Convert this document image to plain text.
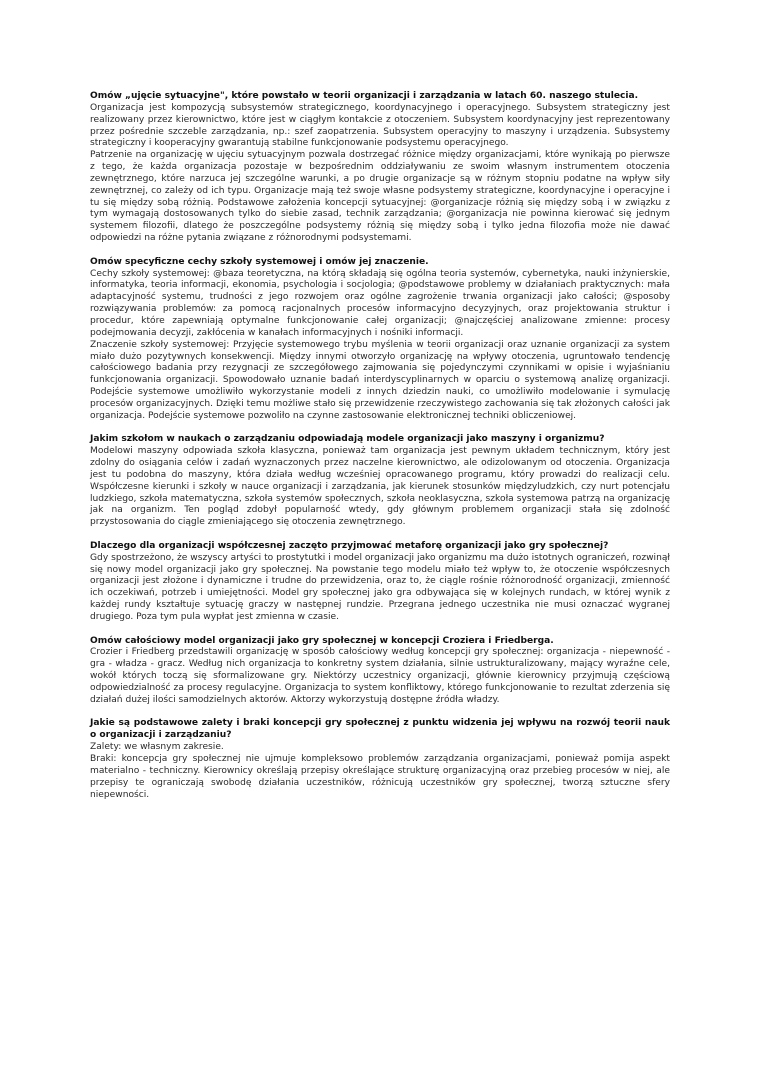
Omów „ujęcie sytuacyjne", które powstało w teorii organizacji i zarządzania w latach 60. naszego stulecia.

Organizacja jest kompozycją subsystemów strategicznego, koordynacyjnego i operacyjnego. Subsystem strategiczny jest realizowany przez kierownictwo, które jest w ciągłym kontakcie z otoczeniem. Subsystem koordynacyjny jest reprezentowany przez pośrednie szczeble zarządzania, np.: szef zaopatrzenia. Subsystem operacyjny to maszyny i urządzenia. Subsystemy strategiczny i kooperacyjny gwarantują stabilne funkcjonowanie podsystemu operacyjnego.

Patrzenie na organizację w ujęciu sytuacyjnym pozwala dostrzegać różnice między organizacjami, które wynikają po pierwsze z tego, że każda organizacja pozostaje w bezpośrednim oddziaływaniu ze swoim własnym instrumentem otoczenia zewnętrznego, które narzuca jej szczególne warunki, a po drugie organizacje są w różnym stopniu podatne na wpływ siły zewnętrznej, co zależy od ich typu. Organizacje mają też swoje własne podsystemy strategiczne, koordynacyjne i operacyjne i tu się między sobą różnią. Podstawowe założenia koncepcji sytuacyjnej: @organizacje różnią się między sobą i w związku z tym wymagają dostosowanych tylko do siebie zasad, technik zarządzania; @organizacja nie powinna kierować się jednym systemem filozofii, dlatego że poszczególne podsystemy różnią się między sobą i tylko jedna filozofia może nie dawać odpowiedzi na różne pytania związane z różnorodnymi podsystemami.

Omów specyficzne cechy szkoły systemowej i omów jej znaczenie.

Cechy szkoły systemowej: @baza teoretyczna, na którą składają się ogólna teoria systemów, cybernetyka, nauki inżynierskie, informatyka, teoria informacji, ekonomia, psychologia i socjologia; @podstawowe problemy w działaniach praktycznych: mała adaptacyjność systemu, trudności z jego rozwojem oraz ogólne zagrożenie trwania organizacji jako całości; @sposoby rozwiązywania problemów: za pomocą racjonalnych procesów informacyjno decyzyjnych, oraz projektowania struktur i procedur, które zapewniają optymalne funkcjonowanie całej organizacji; @najczęściej analizowane zmienne: procesy podejmowania decyzji, zakłócenia w kanałach informacyjnych i nośniki informacji.

Znaczenie szkoły systemowej: Przyjęcie systemowego trybu myślenia w teorii organizacji oraz uznanie organizacji za system miało dużo pozytywnych konsekwencji. Między innymi otworzyło organizację na wpływy otoczenia, ugruntowało tendencję całościowego badania przy rezygnacji ze szczegółowego zajmowania się pojedynczymi czynnikami w opisie i wyjaśnianiu funkcjonowania organizacji. Spowodowało uznanie badań interdyscyplinarnych w oparciu o systemową analizę organizacji. Podejście systemowe umożliwiło wykorzystanie modeli z innych dziedzin nauki, co umożliwiło modelowanie i symulację procesów organizacyjnych. Dzięki temu możliwe stało się przewidzenie rzeczywistego zachowania się tak złożonych całości jak organizacja. Podejście systemowe pozwoliło na czynne zastosowanie elektronicznej techniki obliczeniowej.

Jakim szkołom w naukach o zarządzaniu odpowiadają modele organizacji jako maszyny i organizmu?

Modelowi maszyny odpowiada szkoła klasyczna, ponieważ tam organizacja jest pewnym układem technicznym, który jest zdolny do osiągania celów i zadań wyznaczonych przez naczelne kierownictwo, ale odizolowanym od otoczenia. Organizacja jest tu podobna do maszyny, która działa według wcześniej opracowanego programu, który prowadzi do realizacji celu. Współczesne kierunki i szkoły w nauce organizacji i zarządzania, jak kierunek stosunków międzyludzkich, czy nurt potencjału ludzkiego, szkoła matematyczna, szkoła systemów społecznych, szkoła neoklasyczna, szkoła systemowa patrzą na organizację jak na organizm. Ten pogląd zdobył popularność wtedy, gdy głównym problemem organizacji stała się zdolność przystosowania do ciągle zmieniającego się otoczenia zewnętrznego.

Dlaczego dla organizacji współczesnej zaczęto przyjmować metaforę organizacji jako gry społecznej?

Gdy spostrzeżono, że wszyscy artyści to prostytutki i model organizacji jako organizmu ma dużo istotnych ograniczeń, rozwinął się nowy model organizacji jako gry społecznej. Na powstanie tego modelu miało też wpływ to, że otoczenie współczesnych organizacji jest złożone i dynamiczne i trudne do przewidzenia, oraz to, że ciągle rośnie różnorodność organizacji, zmienność ich oczekiwań, potrzeb i umiejętności. Model gry społecznej jako gra odbywająca się w kolejnych rundach, w której wynik z każdej rundy kształtuje sytuację graczy w następnej rundzie. Przegrana jednego uczestnika nie musi oznaczać wygranej drugiego. Poza tym pula wypłat jest zmienna w czasie.

Omów całościowy model organizacji jako gry społecznej w koncepcji Croziera i Friedberga.

Crozier i Friedberg przedstawili organizację w sposób całościowy według koncepcji gry społecznej: organizacja - niepewność - gra - władza - gracz. Według nich organizacja to konkretny system działania, silnie ustrukturalizowany, mający wyraźne cele, wokół których toczą się sformalizowane gry. Niektórzy uczestnicy organizacji, głównie kierownicy przyjmują częściową odpowiedzialność za procesy regulacyjne. Organizacja to system konfliktowy, którego funkcjonowanie to rezultat zderzenia się działań dużej ilości samodzielnych aktorów. Aktorzy wykorzystują dostępne źródła władzy.

Jakie są podstawowe zalety i braki koncepcji gry społecznej z punktu widzenia jej wpływu na rozwój teorii nauk o organizacji i zarządzaniu?

Zalety: we własnym zakresie.

Braki: koncepcja gry społecznej nie ujmuje kompleksowo problemów zarządzania organizacjami, ponieważ pomija aspekt materialno - techniczny. Kierownicy określają przepisy określające strukturę organizacyjną oraz przebieg procesów w niej, ale przepisy te ograniczają swobodę działania uczestników, różnicują uczestników gry społecznej, tworzą sztuczne sfery niepewności.
